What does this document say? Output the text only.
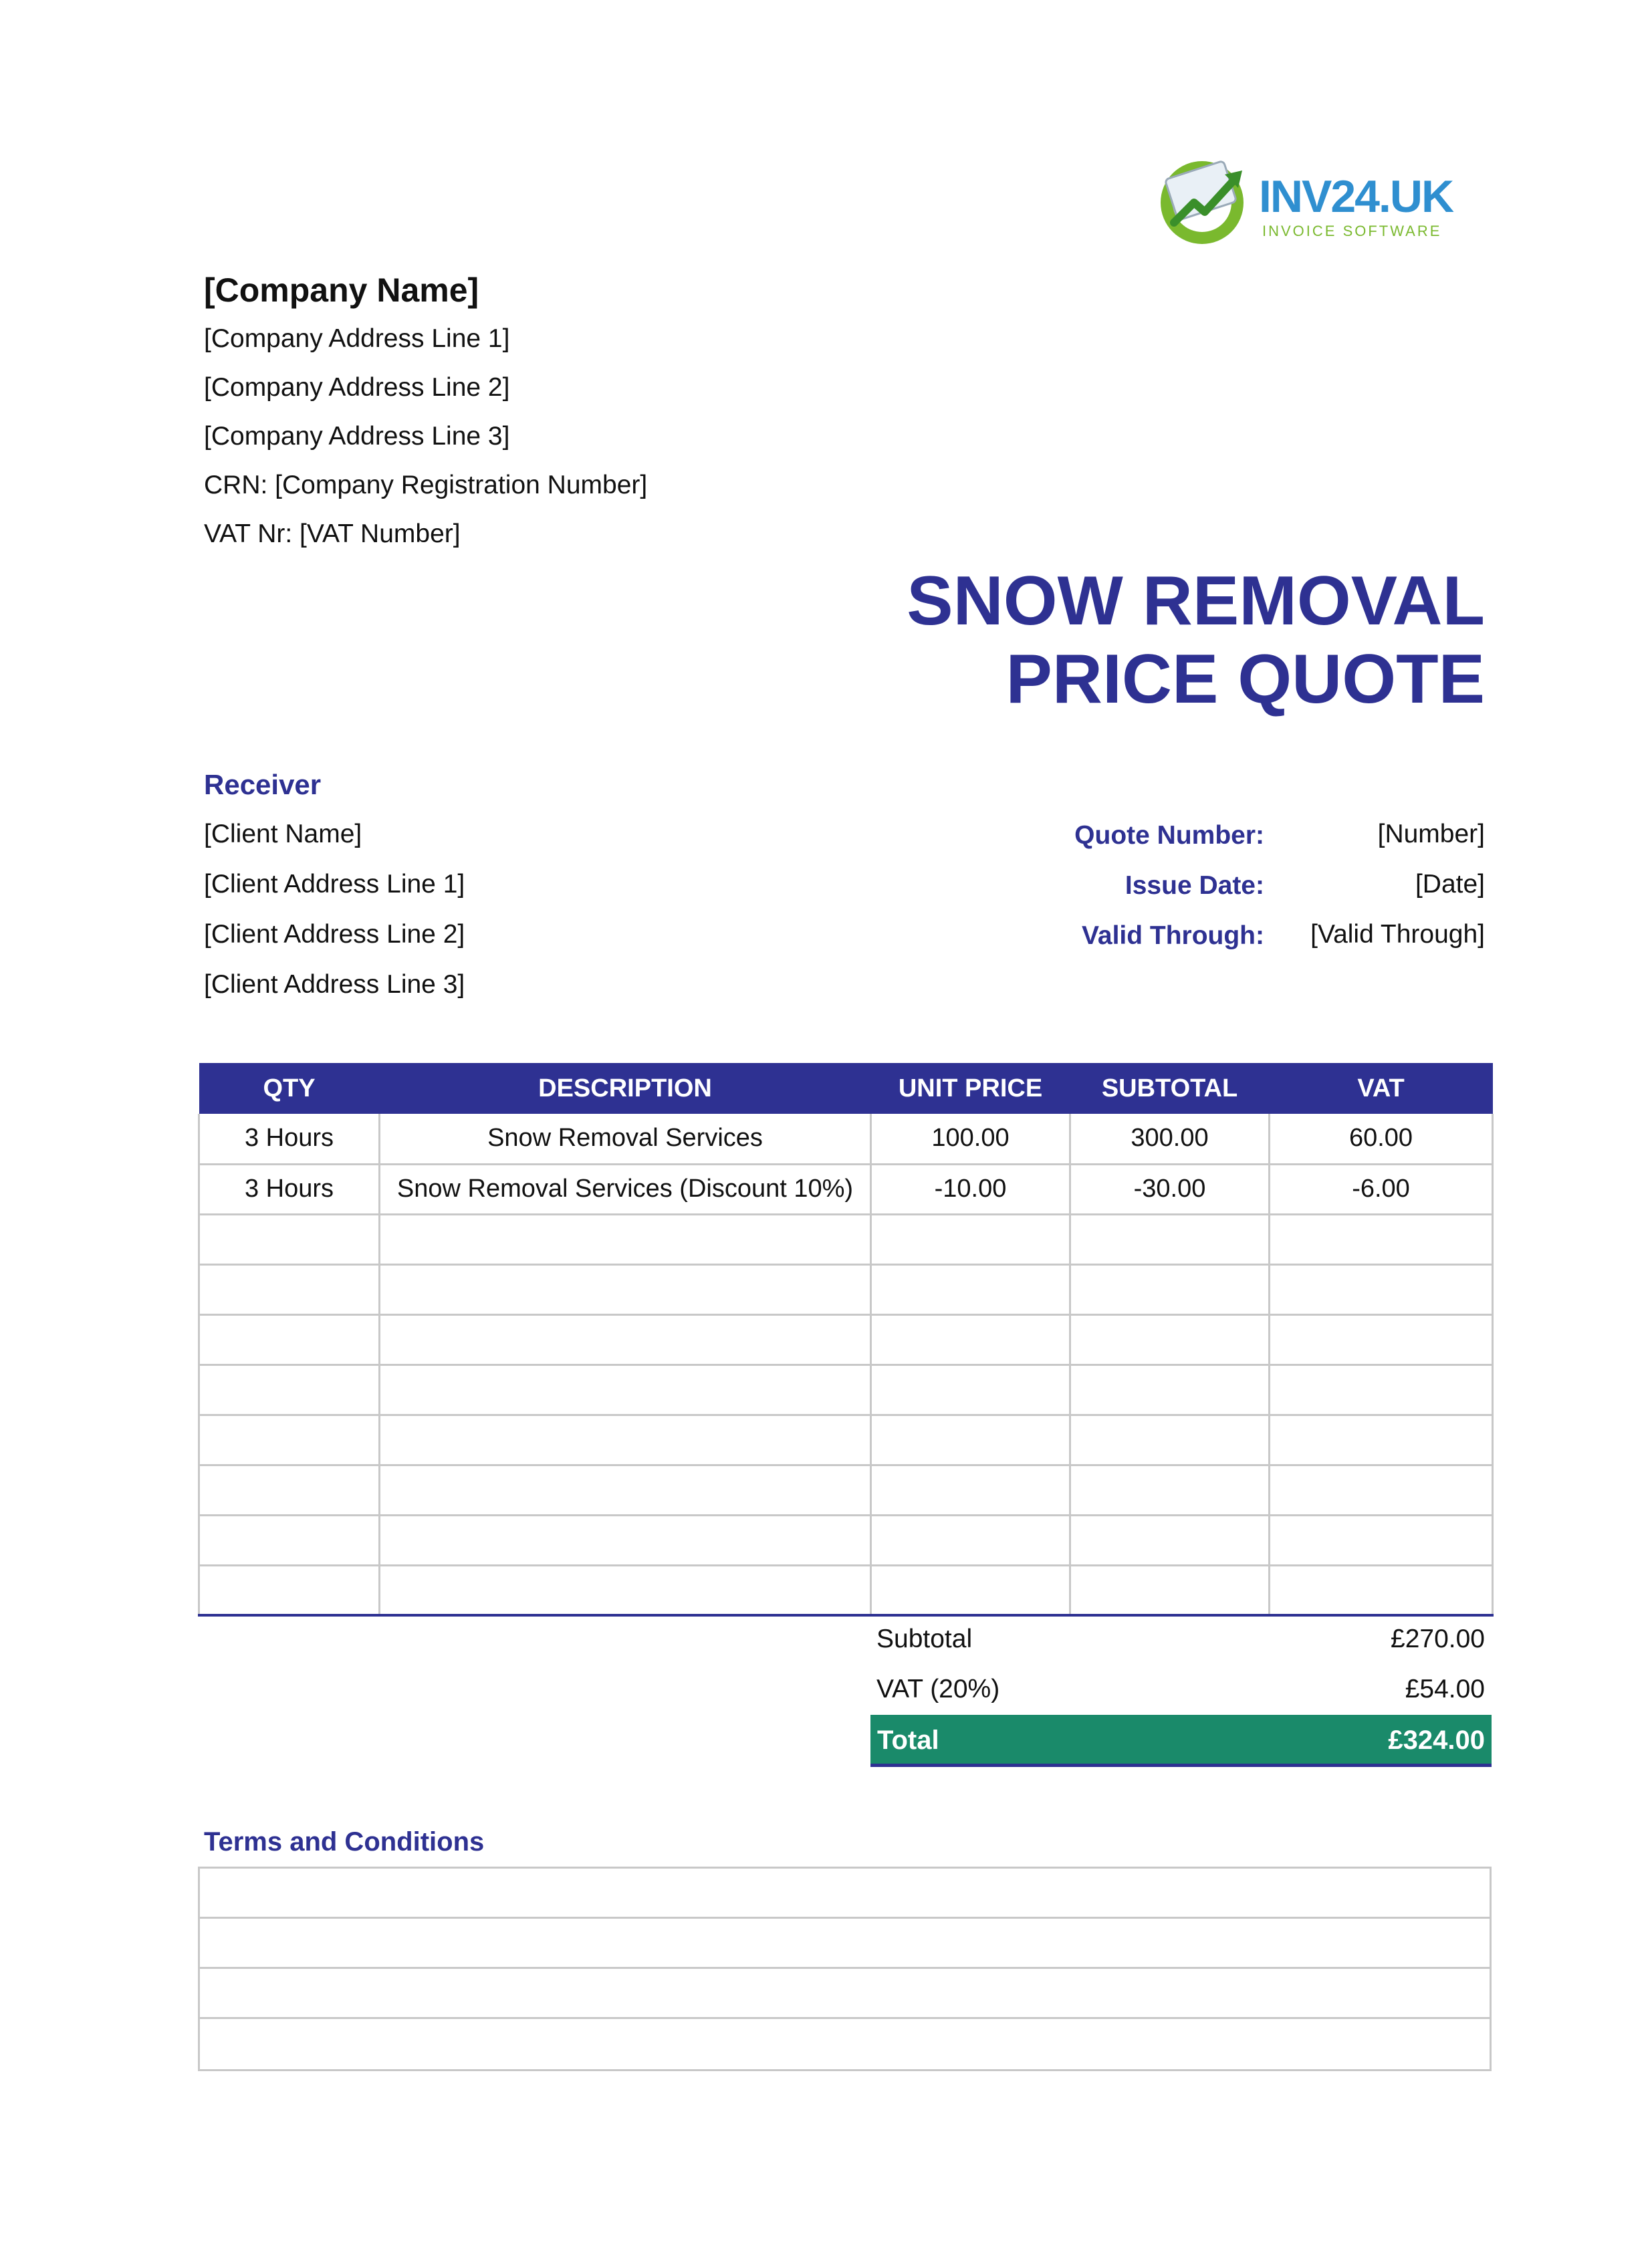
INV24.UK
INVOICE SOFTWARE
[Company Name]
[Company Address Line 1]
[Company Address Line 2]
[Company Address Line 3]
CRN: [Company Registration Number]
VAT Nr: [VAT Number]
SNOW REMOVAL
PRICE QUOTE
Receiver
[Client Name]
[Client Address Line 1]
[Client Address Line 2]
[Client Address Line 3]
Quote Number:	[Number]
Issue Date:	[Date]
Valid Through: [Valid Through]
QTY	DESCRIPTION	UNIT PRICE	SUBTOTAL	VAT
3 Hours	Snow Removal Services	100.00	300.00	60.00
3 Hours	Snow Removal Services (Discount 10%)	-10.00	-30.00	-6.00

Subtotal	£270.00
VAT (20%)	£54.00
Total	£324.00
Terms and Conditions
